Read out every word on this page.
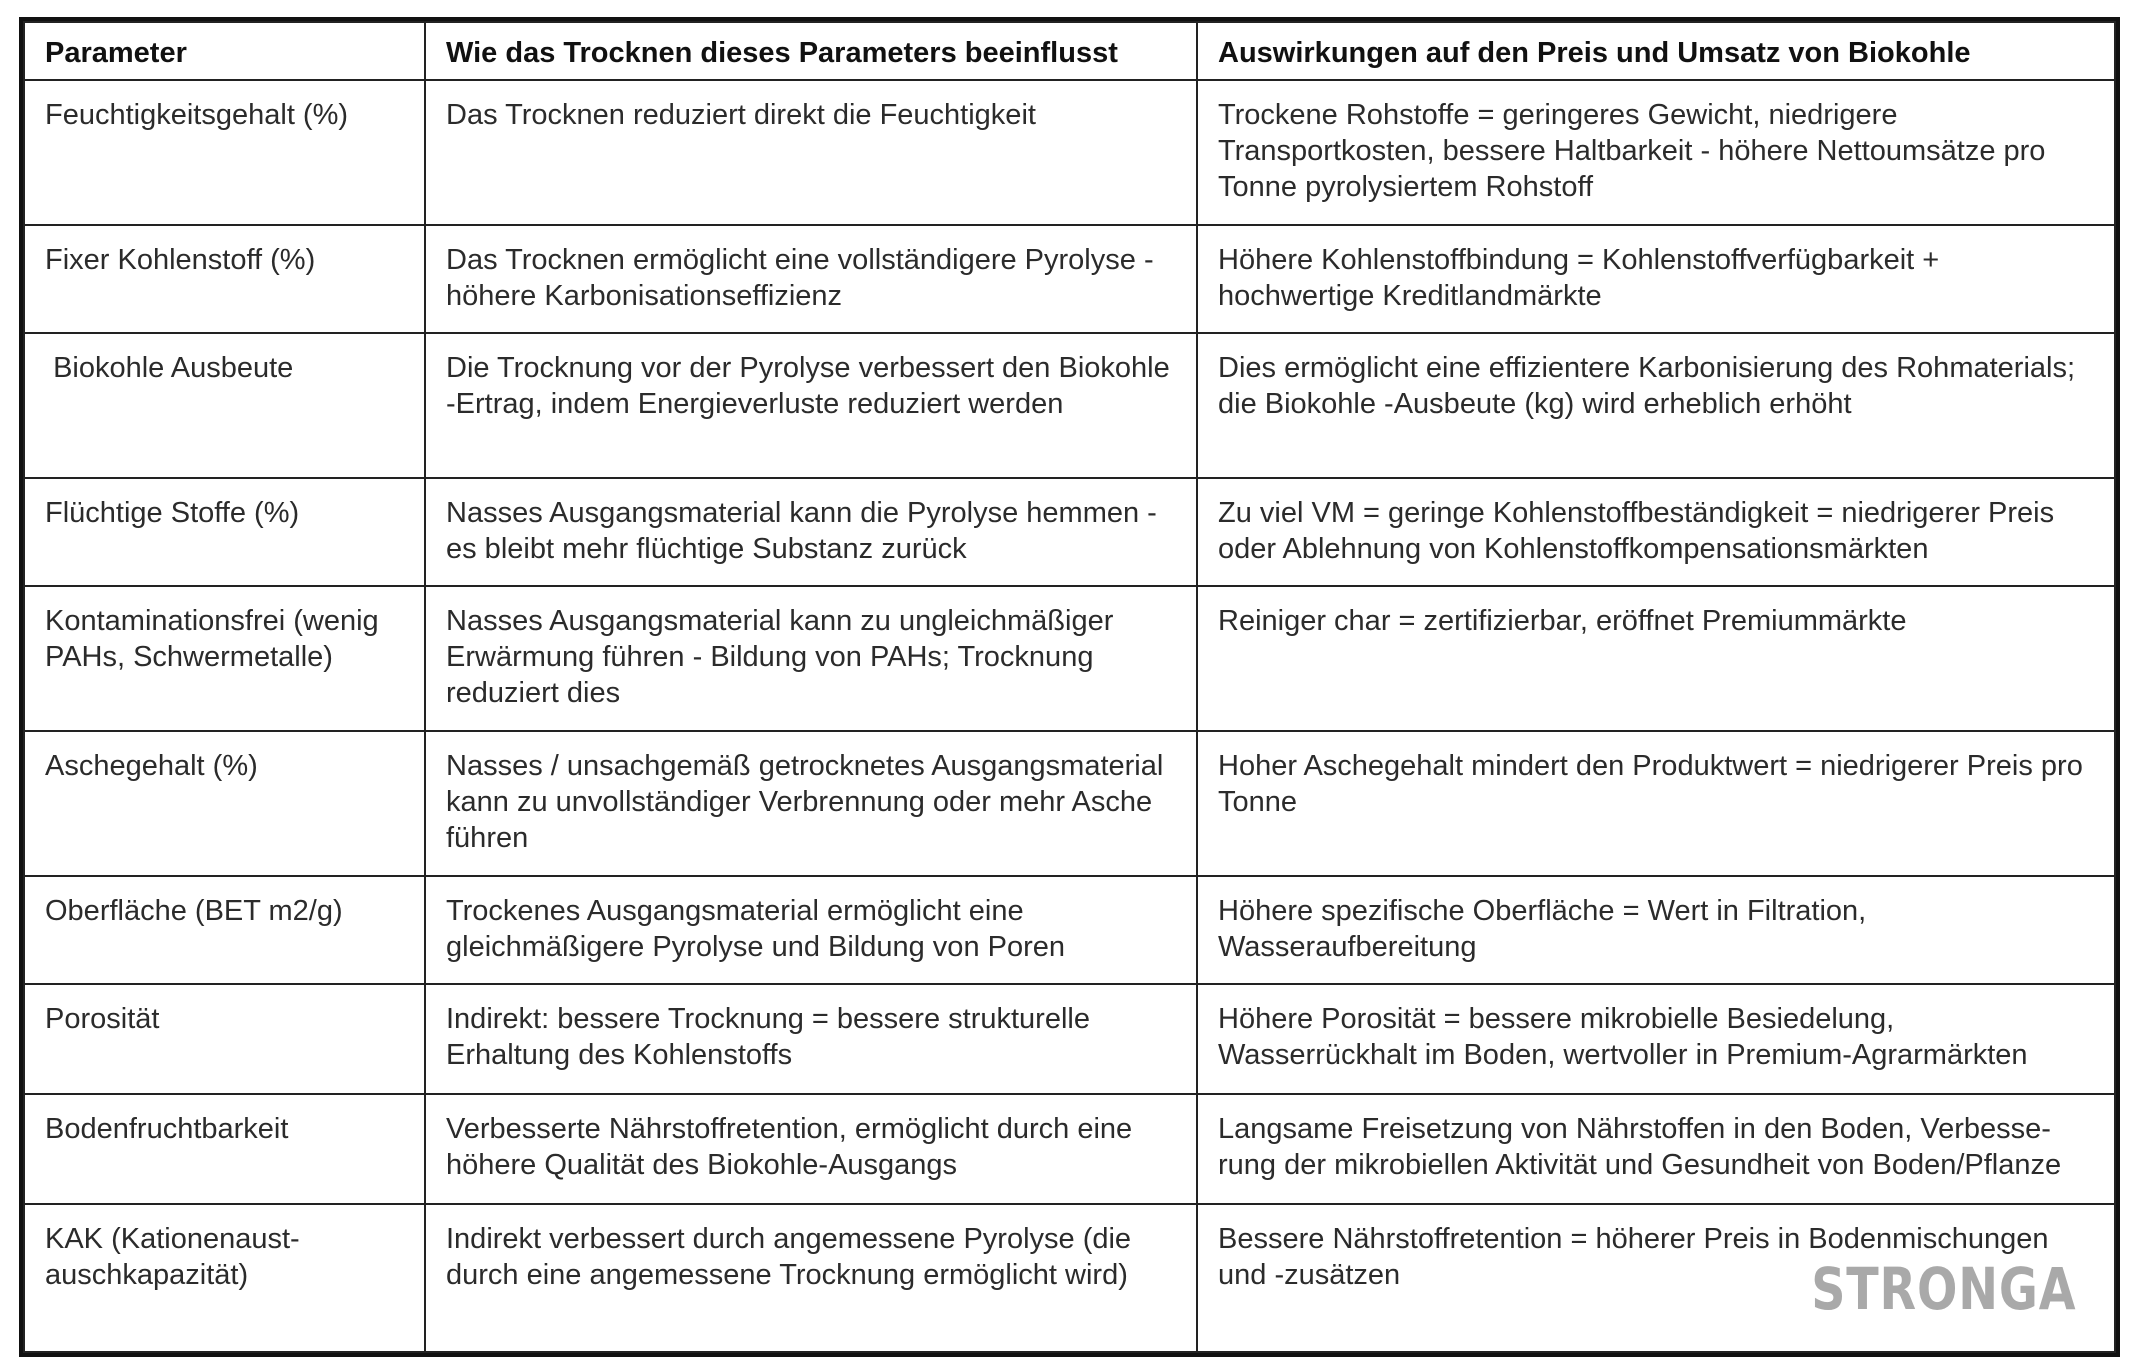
Parameter	Wie das Trocknen dieses Parameters beeinflusst	Auswirkungen auf den Preis und Umsatz von Biokohle
Feuchtigkeitsgehalt (%)	Das Trocknen reduziert direkt die Feuchtigkeit	Trockene Rohstoffe = geringeres Gewicht, niedrigere Transportkosten, bessere Haltbarkeit - höhere Nettoumsätze pro Tonne pyrolysiertem Rohstoff
Fixer Kohlenstoff (%)	Das Trocknen ermöglicht eine vollständigere Pyrolyse - höhere Karbonisationseffizienz	Höhere Kohlenstoffbindung = Kohlenstoffverfügbarkeit + hochwertige Kreditlandmärkte
Biokohle Ausbeute	Die Trocknung vor der Pyrolyse verbessert den Biokohle -Ertrag, indem Energieverluste reduziert werden	Dies ermöglicht eine effizientere Karbonisierung des Rohmaterials; die Biokohle -Ausbeute (kg) wird erheblich erhöht
Flüchtige Stoffe (%)	Nasses Ausgangsmaterial kann die Pyrolyse hemmen - es bleibt mehr flüchtige Substanz zurück	Zu viel VM = geringe Kohlenstoffbeständigkeit = niedrigerer Preis oder Ablehnung von Kohlenstoffkompensationsmärkten
Kontaminationsfrei (wenig PAHs, Schwermetalle)	Nasses Ausgangsmaterial kann zu ungleichmäßiger Erwärmung führen - Bildung von PAHs; Trocknung reduziert dies	Reiniger char = zertifizierbar, eröffnet Premiummärkte
Aschegehalt (%)	Nasses / unsachgemäß getrocknetes Ausgangsmaterial kann zu unvollständiger Verbrennung oder mehr Asche führen	Hoher Aschegehalt mindert den Produktwert = niedrigerer Preis pro Tonne
Oberfläche (BET m2/g)	Trockenes Ausgangsmaterial ermöglicht eine gleichmäßigere Pyrolyse und Bildung von Poren	Höhere spezifische Oberfläche = Wert in Filtration, Wasseraufbereitung
Porosität	Indirekt: bessere Trocknung = bessere strukturelle Erhaltung des Kohlenstoffs	Höhere Porosität = bessere mikrobielle Besiedelung, Wasserrückhalt im Boden, wertvoller in Premium-Agrarmärkten
Bodenfruchtbarkeit	Verbesserte Nährstoffretention, ermöglicht durch eine höhere Qualität des Biokohle-Ausgangs	Langsame Freisetzung von Nährstoffen in den Boden, Verbesserung der mikrobiellen Aktivität und Gesundheit von Boden/Pflanze
KAK (Kationenaustauschkapazität)	Indirekt verbessert durch angemessene Pyrolyse (die durch eine angemessene Trocknung ermöglicht wird)	Bessere Nährstoffretention = höherer Preis in Bodenmischungen und -zusätzen	STRONGA
